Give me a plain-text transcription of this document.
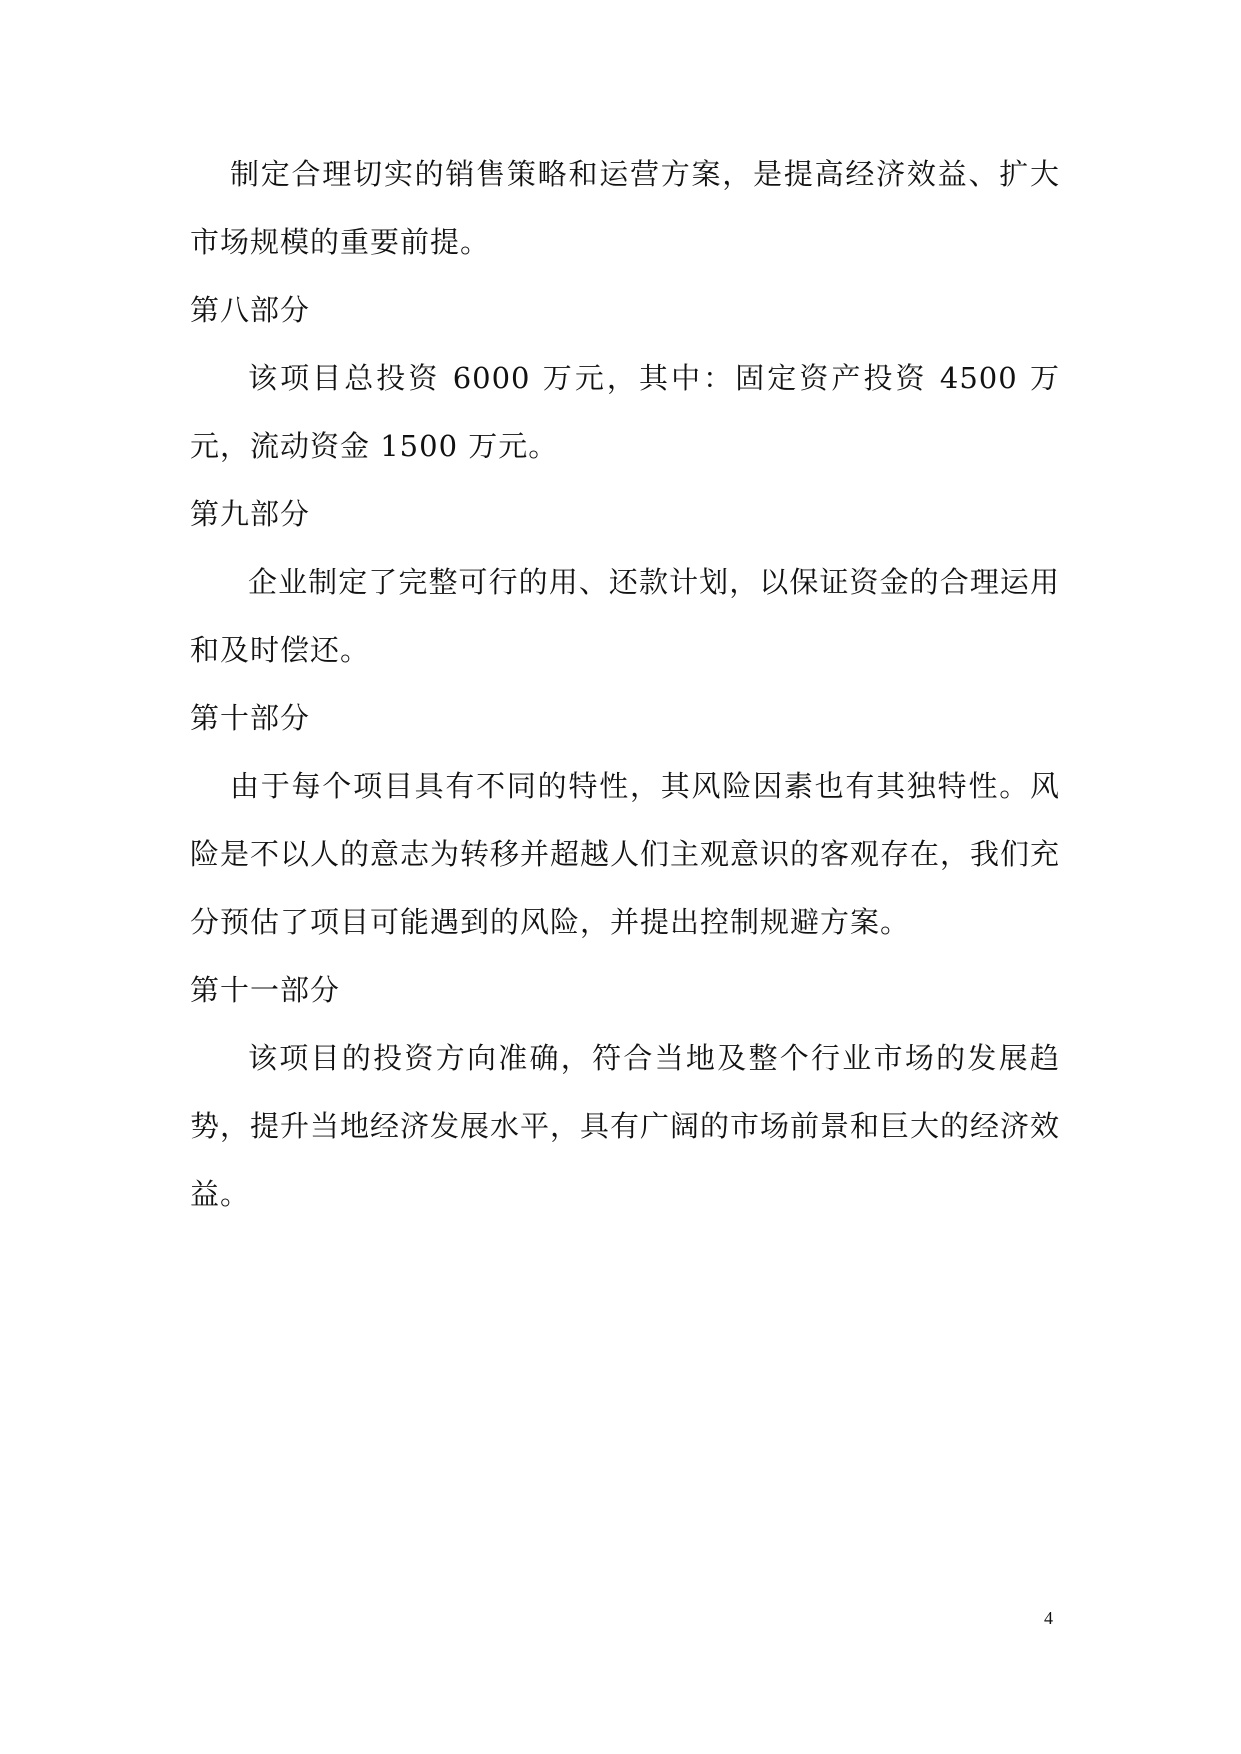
制定合理切实的销售策略和运营方案，是提高经济效益、扩大市场规模的重要前提。

第八部分

该项目总投资 6000 万元，其中：固定资产投资 4500 万元，流动资金 1500 万元。

第九部分

企业制定了完整可行的用、还款计划，以保证资金的合理运用和及时偿还。

第十部分

由于每个项目具有不同的特性，其风险因素也有其独特性。风险是不以人的意志为转移并超越人们主观意识的客观存在，我们充分预估了项目可能遇到的风险，并提出控制规避方案。

第十一部分

该项目的投资方向准确，符合当地及整个行业市场的发展趋势，提升当地经济发展水平，具有广阔的市场前景和巨大的经济效益。

4
